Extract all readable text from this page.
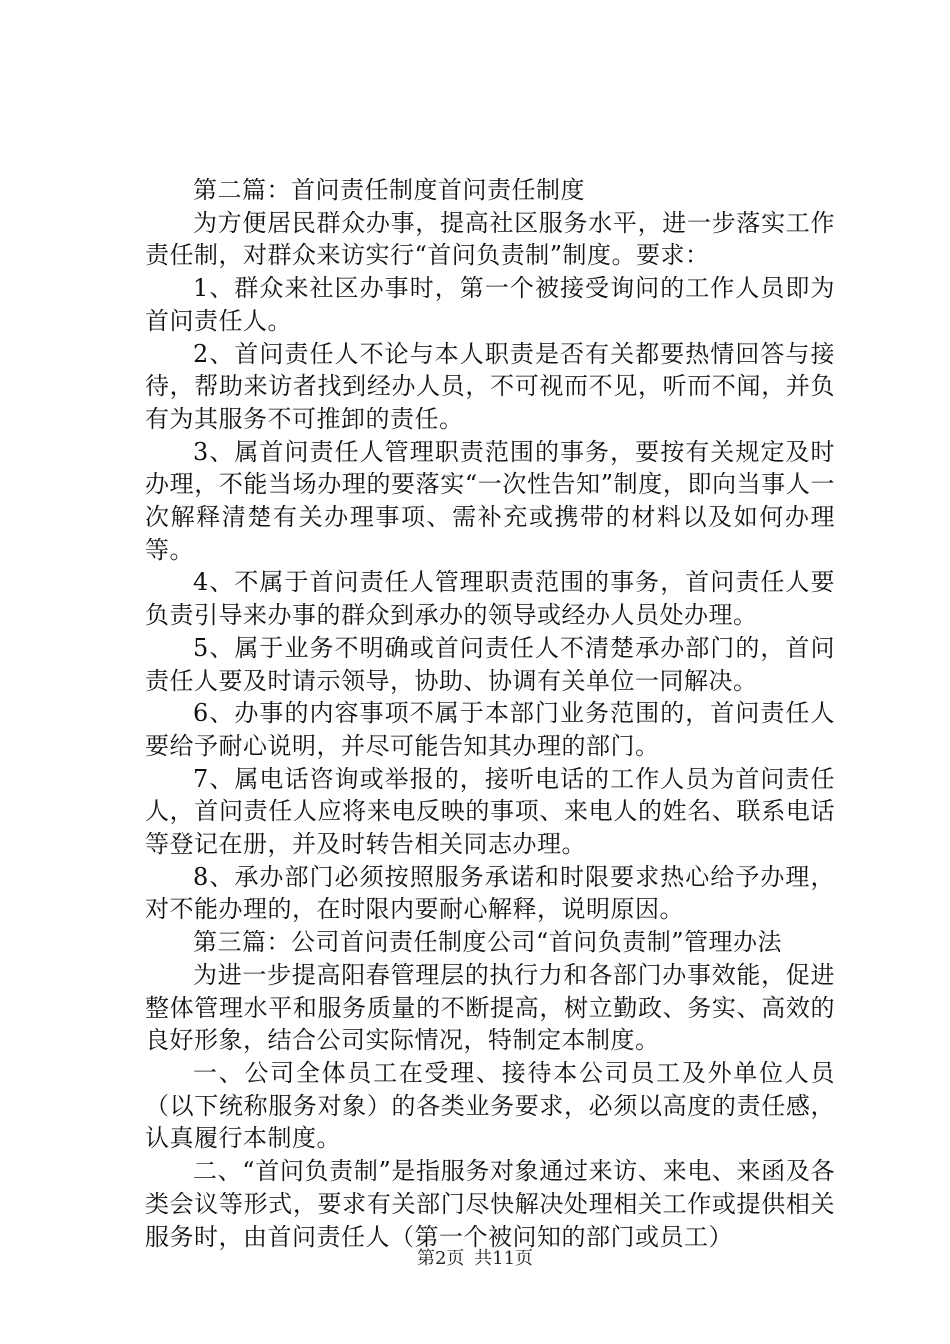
第二篇：首问责任制度首问责任制度

为方便居民群众办事，提高社区服务水平，进一步落实工作责任制，对群众来访实行“首问负责制”制度。要求：

1、群众来社区办事时，第一个被接受询问的工作人员即为首问责任人。

2、首问责任人不论与本人职责是否有关都要热情回答与接待，帮助来访者找到经办人员，不可视而不见，听而不闻，并负有为其服务不可推卸的责任。

3、属首问责任人管理职责范围的事务，要按有关规定及时办理，不能当场办理的要落实“一次性告知”制度，即向当事人一次解释清楚有关办理事项、需补充或携带的材料以及如何办理等。

4、不属于首问责任人管理职责范围的事务，首问责任人要负责引导来办事的群众到承办的领导或经办人员处办理。

5、属于业务不明确或首问责任人不清楚承办部门的，首问责任人要及时请示领导，协助、协调有关单位一同解决。

6、办事的内容事项不属于本部门业务范围的，首问责任人要给予耐心说明，并尽可能告知其办理的部门。

7、属电话咨询或举报的，接听电话的工作人员为首问责任人，首问责任人应将来电反映的事项、来电人的姓名、联系电话等登记在册，并及时转告相关同志办理。

8、承办部门必须按照服务承诺和时限要求热心给予办理，对不能办理的，在时限内要耐心解释，说明原因。

第三篇：公司首问责任制度公司“首问负责制”管理办法

为进一步提高阳春管理层的执行力和各部门办事效能，促进整体管理水平和服务质量的不断提高，树立勤政、务实、高效的良好形象，结合公司实际情况，特制定本制度。

一、公司全体员工在受理、接待本公司员工及外单位人员（以下统称服务对象）的各类业务要求，必须以高度的责任感，认真履行本制度。

二、“首问负责制”是指服务对象通过来访、来电、来函及各类会议等形式，要求有关部门尽快解决处理相关工作或提供相关服务时，由首问责任人（第一个被问知的部门或员工）

第2页 共11页
